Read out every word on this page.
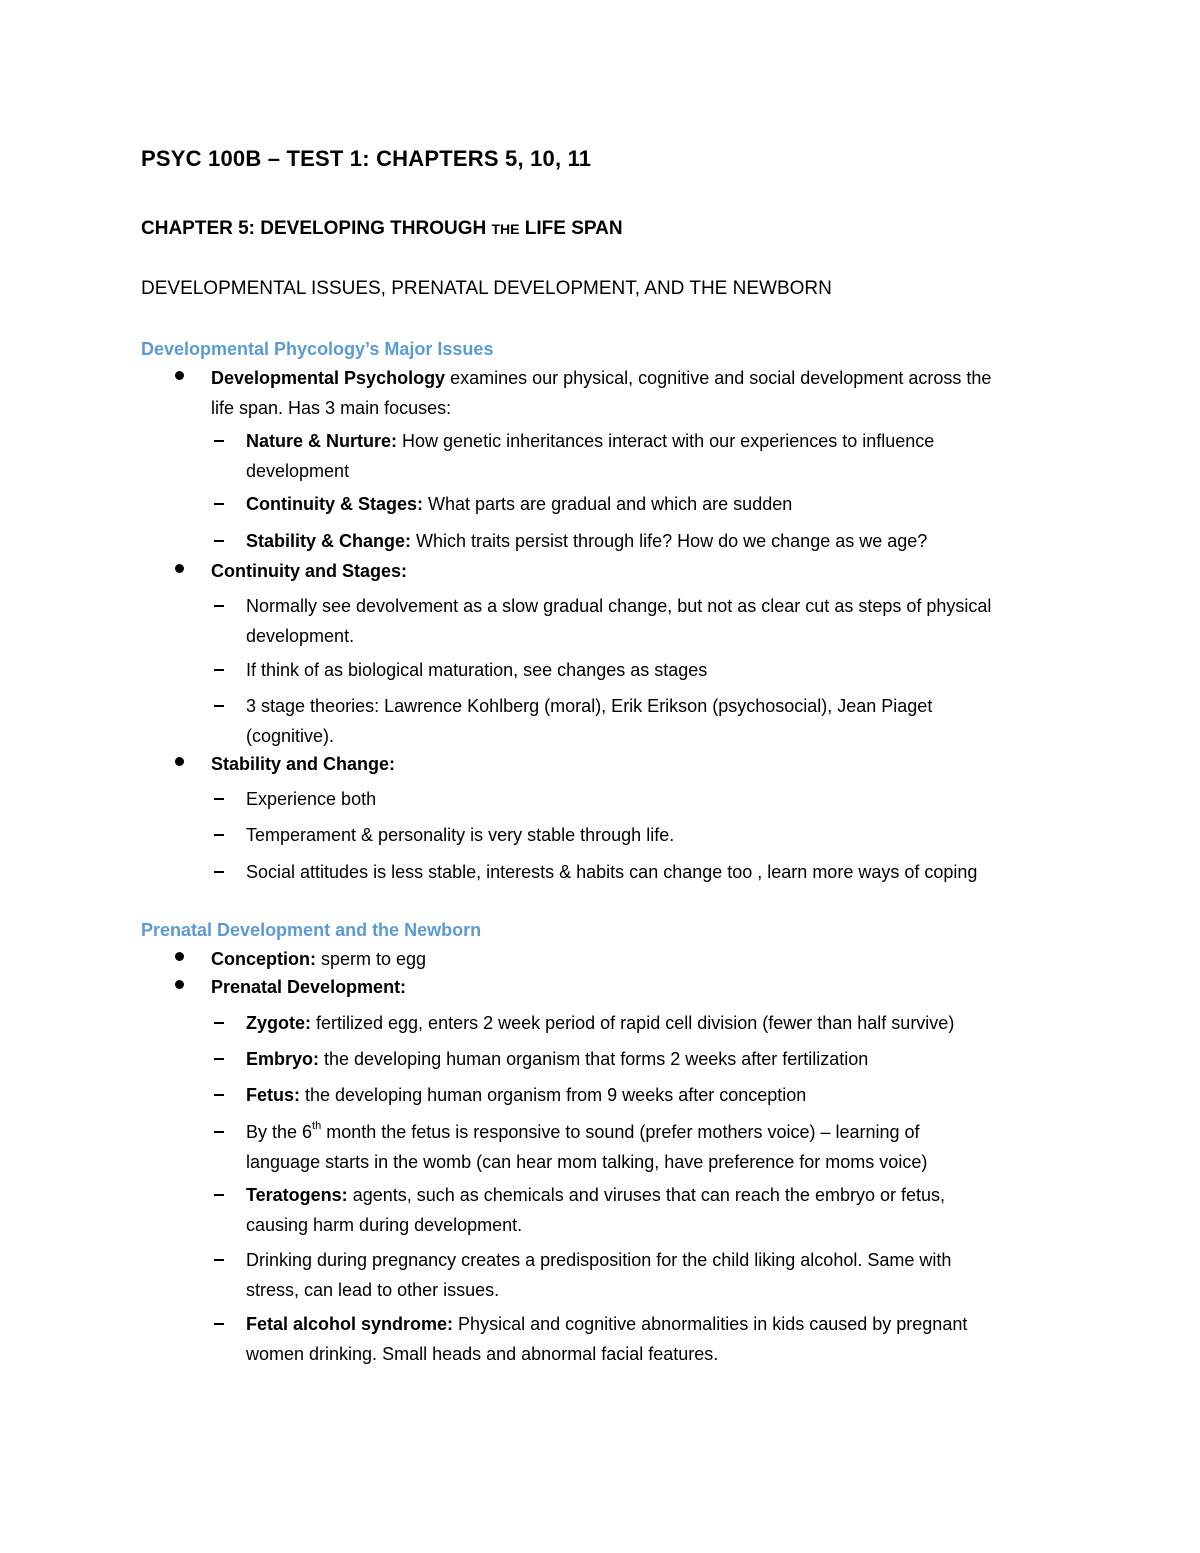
PSYC 100B – TEST 1: CHAPTERS 5, 10, 11
CHAPTER 5: DEVELOPING THROUGH THE LIFE SPAN
DEVELOPMENTAL ISSUES, PRENATAL DEVELOPMENT, AND THE NEWBORN
Developmental Phycology’s Major Issues
Developmental Psychology examines our physical, cognitive and social development across the
life span. Has 3 main focuses:
Nature & Nurture: How genetic inheritances interact with our experiences to influence
development
Continuity & Stages: What parts are gradual and which are sudden
Stability & Change: Which traits persist through life? How do we change as we age?
Continuity and Stages:
Normally see devolvement as a slow gradual change, but not as clear cut as steps of physical
development.
If think of as biological maturation, see changes as stages
3 stage theories: Lawrence Kohlberg (moral), Erik Erikson (psychosocial), Jean Piaget
(cognitive).
Stability and Change:
Experience both
Temperament & personality is very stable through life.
Social attitudes is less stable, interests & habits can change too , learn more ways of coping
Prenatal Development and the Newborn
Conception: sperm to egg
Prenatal Development:
Zygote: fertilized egg, enters 2 week period of rapid cell division (fewer than half survive)
Embryo: the developing human organism that forms 2 weeks after fertilization
Fetus: the developing human organism from 9 weeks after conception
By the 6th month the fetus is responsive to sound (prefer mothers voice) – learning of
language starts in the womb (can hear mom talking, have preference for moms voice)
Teratogens: agents, such as chemicals and viruses that can reach the embryo or fetus,
causing harm during development.
Drinking during pregnancy creates a predisposition for the child liking alcohol. Same with
stress, can lead to other issues.
Fetal alcohol syndrome: Physical and cognitive abnormalities in kids caused by pregnant
women drinking. Small heads and abnormal facial features.
